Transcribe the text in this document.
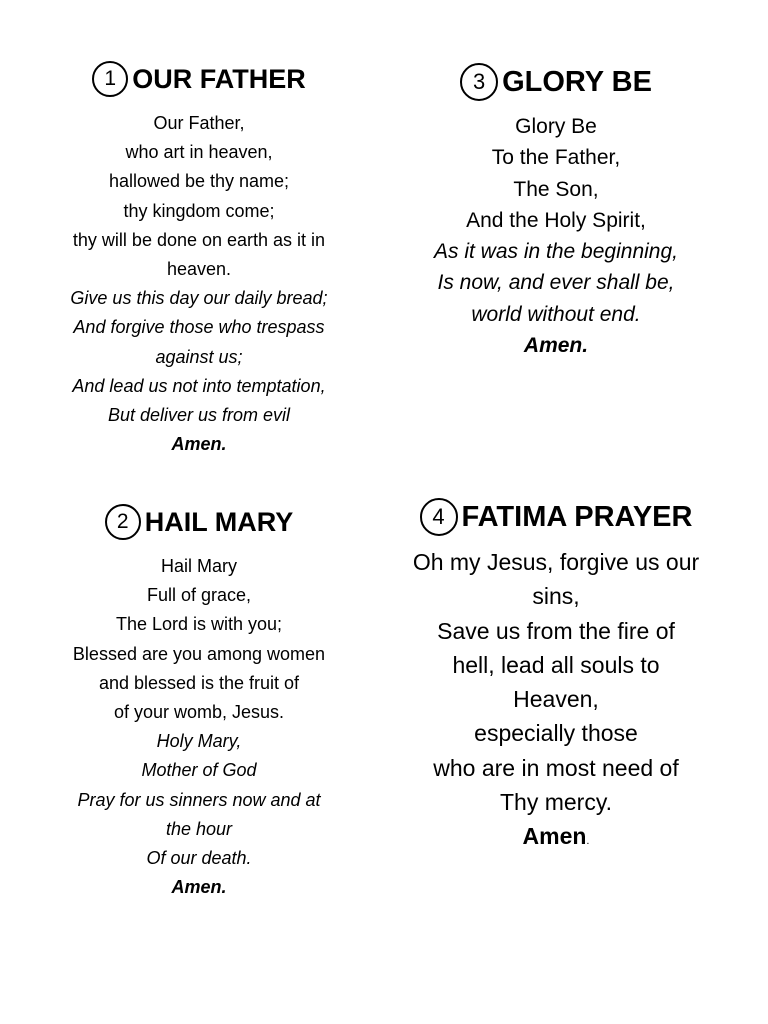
1 OUR FATHER
Our Father,
who art in heaven,
hallowed be thy name;
thy kingdom come;
thy will be done on earth as it in
heaven.
Give us this day our daily bread;
And forgive those who trespass
against us;
And lead us not into temptation,
But deliver us from evil
Amen.
3 GLORY BE
Glory Be
To the Father,
The Son,
And the Holy Spirit,
As it was in the beginning,
Is now, and ever shall be,
world without end.
Amen.
2 HAIL MARY
Hail Mary
Full of grace,
The Lord is with you;
Blessed are you among women
and blessed is the fruit of
of your womb, Jesus.
Holy Mary,
Mother of God
Pray for us sinners now and at
the hour
Of our death.
Amen.
4 FATIMA PRAYER
Oh my Jesus, forgive us our
sins,
Save us from the fire of
hell, lead all souls to
Heaven,
especially those
who are in most need of
Thy mercy.
Amen.
